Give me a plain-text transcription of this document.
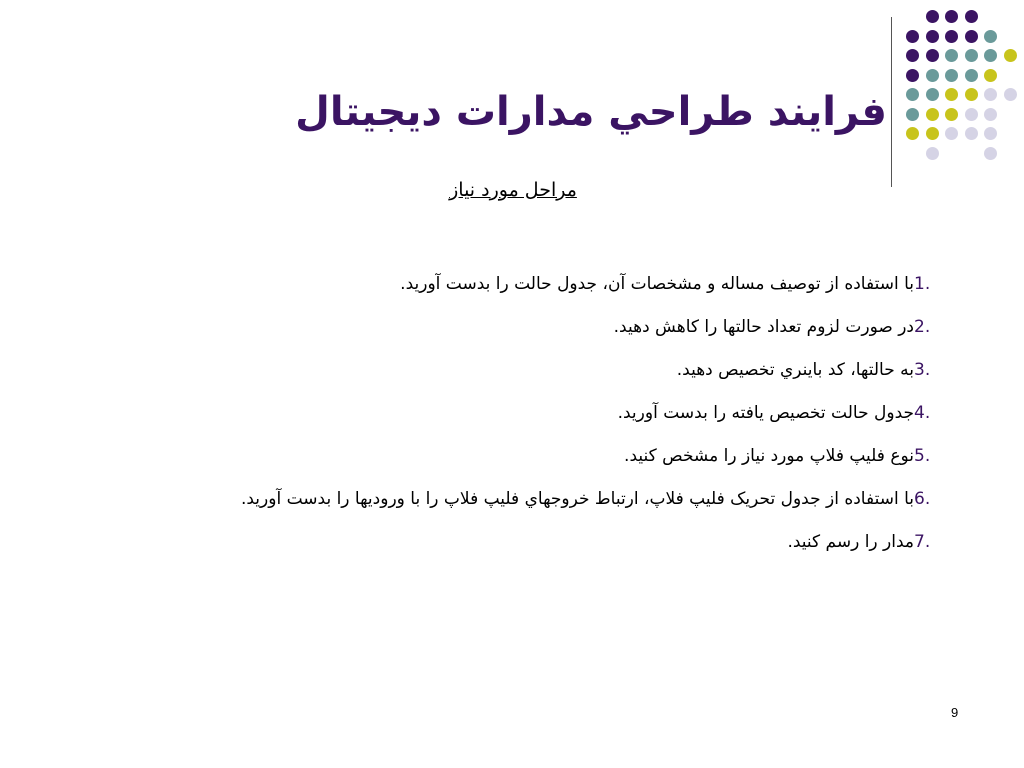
فرايند طراحي مدارات ديجيتال
مراحل مورد نياز
1.
با استفاده از توصیف مساله و مشخصات آن، جدول حالت را بدست آورید.
2.
در صورت لزوم تعداد حالتها را کاهش دهید.
3.
به حالتها، کد باينري تخصیص دهید.
4.
جدول حالت تخصیص یافته را بدست آورید.
5.
نوع فلیپ فلاپ مورد نیاز را مشخص کنید.
6.
با استفاده از جدول تحریک فلیپ فلاپ، ارتباط خروجهاي فلیپ فلاپ را با ورودیها را بدست آورید.
7.
مدار را رسم کنید.
9
